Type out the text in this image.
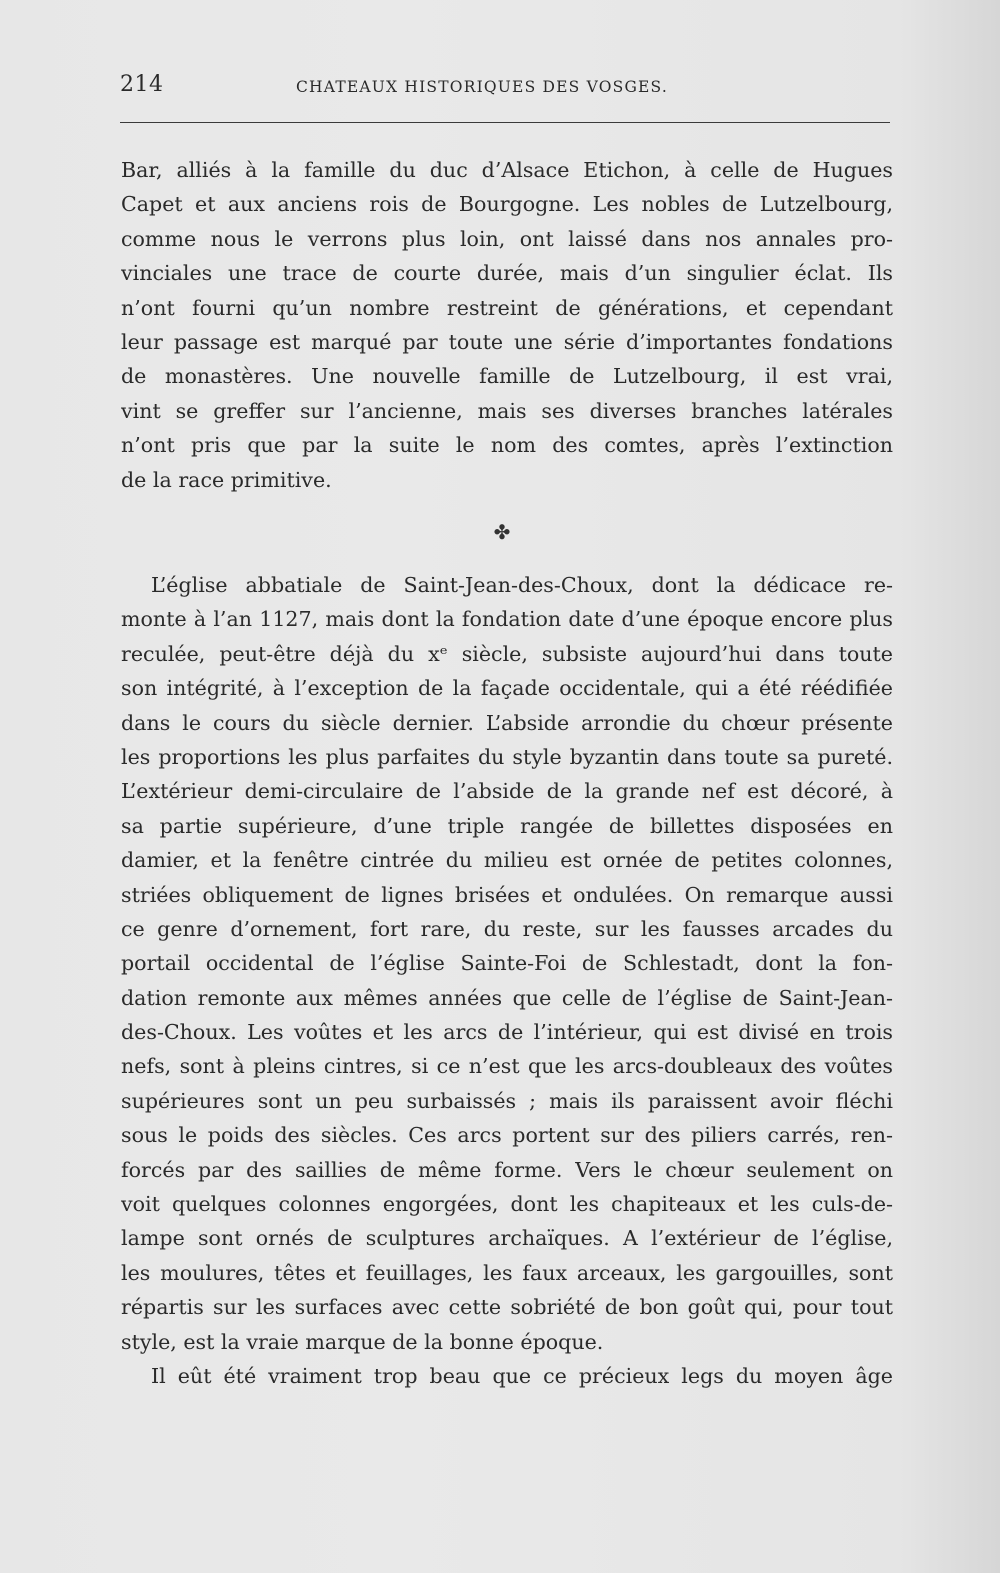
214	CHATEAUX HISTORIQUES DES VOSGES.
Bar, alliés à la famille du duc d’Alsace Etichon, à celle de Hugues
Capet et aux anciens rois de Bourgogne. Les nobles de Lutzelbourg,
comme nous le verrons plus loin, ont laissé dans nos annales pro-
vinciales une trace de courte durée, mais d’un singulier éclat. Ils
n’ont fourni qu’un nombre restreint de générations, et cependant
leur passage est marqué par toute une série d’importantes fondations
de monastères. Une nouvelle famille de Lutzelbourg, il est vrai,
vint se greffer sur l’ancienne, mais ses diverses branches latérales
n’ont pris que par la suite le nom des comtes, après l’extinction
de la race primitive.
✤
L’église abbatiale de Saint-Jean-des-Choux, dont la dédicace re-
monte à l’an 1127, mais dont la fondation date d’une époque encore plus
reculée, peut-être déjà du xᵉ siècle, subsiste aujourd’hui dans toute
son intégrité, à l’exception de la façade occidentale, qui a été réédifiée
dans le cours du siècle dernier. L’abside arrondie du chœur présente
les proportions les plus parfaites du style byzantin dans toute sa pureté.
L’extérieur demi-circulaire de l’abside de la grande nef est décoré, à
sa partie supérieure, d’une triple rangée de billettes disposées en
damier, et la fenêtre cintrée du milieu est ornée de petites colonnes,
striées obliquement de lignes brisées et ondulées. On remarque aussi
ce genre d’ornement, fort rare, du reste, sur les fausses arcades du
portail occidental de l’église Sainte-Foi de Schlestadt, dont la fon-
dation remonte aux mêmes années que celle de l’église de Saint-Jean-
des-Choux. Les voûtes et les arcs de l’intérieur, qui est divisé en trois
nefs, sont à pleins cintres, si ce n’est que les arcs-doubleaux des voûtes
supérieures sont un peu surbaissés ; mais ils paraissent avoir fléchi
sous le poids des siècles. Ces arcs portent sur des piliers carrés, ren-
forcés par des saillies de même forme. Vers le chœur seulement on
voit quelques colonnes engorgées, dont les chapiteaux et les culs-de-
lampe sont ornés de sculptures archaïques. A l’extérieur de l’église,
les moulures, têtes et feuillages, les faux arceaux, les gargouilles, sont
répartis sur les surfaces avec cette sobriété de bon goût qui, pour tout
style, est la vraie marque de la bonne époque.
Il eût été vraiment trop beau que ce précieux legs du moyen âge
